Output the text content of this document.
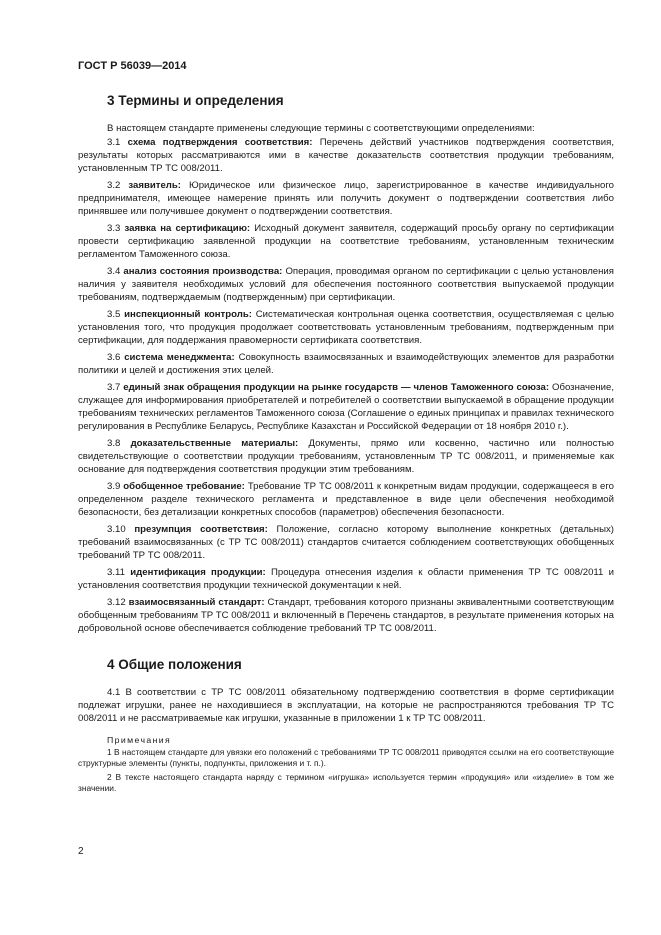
ГОСТ Р 56039—2014
3 Термины и определения

В настоящем стандарте применены следующие термины с соответствующими определениями:

3.1 схема подтверждения соответствия: Перечень действий участников подтверждения соответствия, результаты которых рассматриваются ими в качестве доказательств соответствия продукции требованиям, установленным ТР ТС 008/2011.

3.2 заявитель: Юридическое или физическое лицо, зарегистрированное в качестве индивидуального предпринимателя, имеющее намерение принять или получить документ о подтверждении соответствия либо принявшее или получившее документ о подтверждении соответствия.

3.3 заявка на сертификацию: Исходный документ заявителя, содержащий просьбу органу по сертификации провести сертификацию заявленной продукции на соответствие требованиям, установленным техническим регламентом Таможенного союза.

3.4 анализ состояния производства: Операция, проводимая органом по сертификации с целью установления наличия у заявителя необходимых условий для обеспечения постоянного соответствия выпускаемой продукции требованиям, подтверждаемым (подтвержденным) при сертификации.

3.5 инспекционный контроль: Систематическая контрольная оценка соответствия, осуществляемая с целью установления того, что продукция продолжает соответствовать установленным требованиям, подтвержденным при сертификации, для поддержания правомерности сертификата соответствия.

3.6 система менеджмента: Совокупность взаимосвязанных и взаимодействующих элементов для разработки политики и целей и достижения этих целей.

3.7 единый знак обращения продукции на рынке государств — членов Таможенного союза: Обозначение, служащее для информирования приобретателей и потребителей о соответствии выпускаемой в обращение продукции требованиям технических регламентов Таможенного союза (Соглашение о единых принципах и правилах технического регулирования в Республике Беларусь, Республике Казахстан и Российской Федерации от 18 ноября 2010 г.).

3.8 доказательственные материалы: Документы, прямо или косвенно, частично или полностью свидетельствующие о соответствии продукции требованиям, установленным ТР ТС 008/2011, и применяемые как основание для подтверждения соответствия продукции этим требованиям.

3.9 обобщенное требование: Требование ТР ТС 008/2011 к конкретным видам продукции, содержащееся в его определенном разделе технического регламента и представленное в виде цели обеспечения необходимой безопасности, без детализации конкретных способов (параметров) обеспечения безопасности.

3.10 презумпция соответствия: Положение, согласно которому выполнение конкретных (детальных) требований взаимосвязанных (с ТР ТС 008/2011) стандартов считается соблюдением соответствующих обобщенных требований ТР ТС 008/2011.

3.11 идентификация продукции: Процедура отнесения изделия к области применения ТР ТС 008/2011 и установления соответствия продукции технической документации к ней.

3.12 взаимосвязанный стандарт: Стандарт, требования которого признаны эквивалентными соответствующим обобщенным требованиям ТР ТС 008/2011 и включенный в Перечень стандартов, в результате применения которых на добровольной основе обеспечивается соблюдение требований ТР ТС 008/2011.

4 Общие положения

4.1 В соответствии с ТР ТС 008/2011 обязательному подтверждению соответствия в форме сертификации подлежат игрушки, ранее не находившиеся в эксплуатации, на которые не распространяются требования ТР ТС 008/2011 и не рассматриваемые как игрушки, указанные в приложении 1 к ТР ТС 008/2011.

Примечания

1 В настоящем стандарте для увязки его положений с требованиями ТР ТС 008/2011 приводятся ссылки на его соответствующие структурные элементы (пункты, подпункты, приложения и т. п.).

2 В тексте настоящего стандарта наряду с термином «игрушка» используется термин «продукция» или «изделие» в том же значении.

2
